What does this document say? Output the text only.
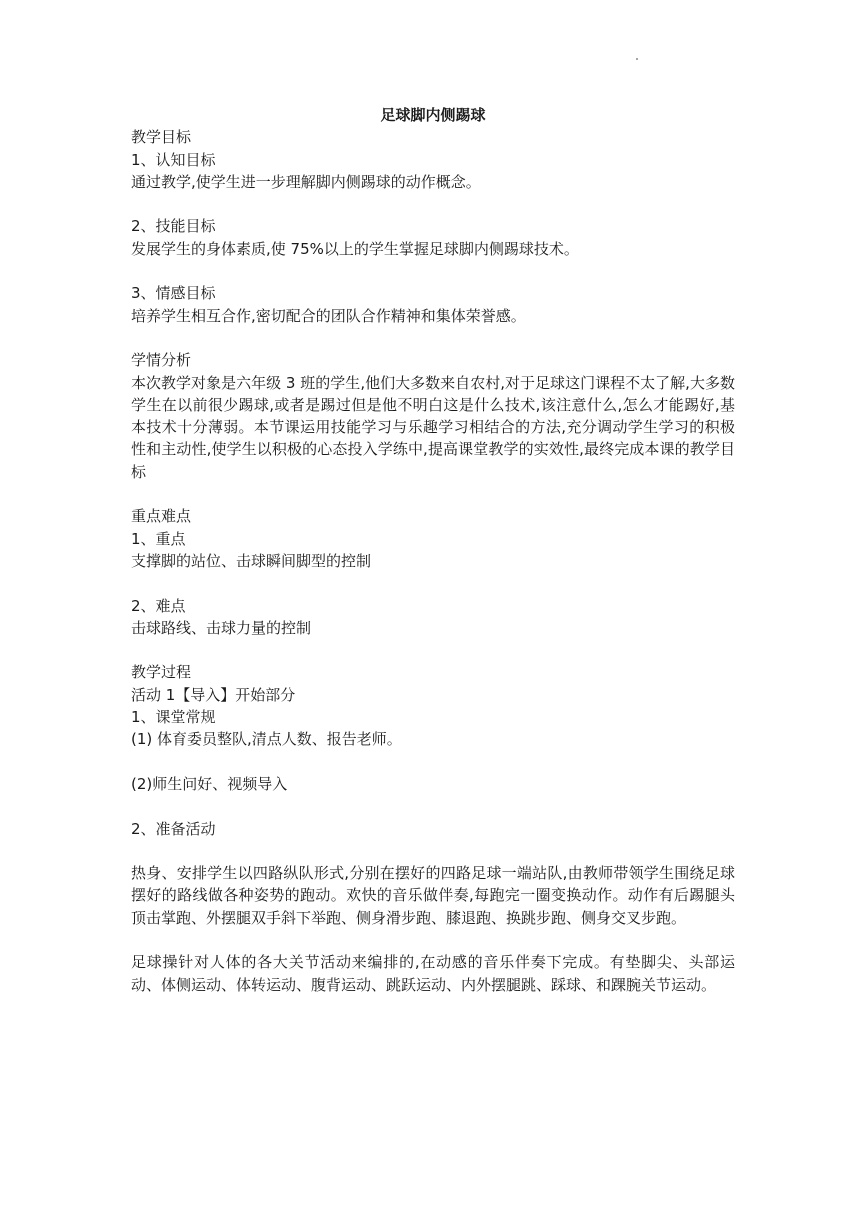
足球脚内侧踢球

教学目标

1、认知目标

通过教学,使学生进一步理解脚内侧踢球的动作概念。

2、技能目标

发展学生的身体素质,使 75%以上的学生掌握足球脚内侧踢球技术。

3、情感目标

培养学生相互合作,密切配合的团队合作精神和集体荣誉感。

学情分析

本次教学对象是六年级 3 班的学生,他们大多数来自农村,对于足球这门课程不太了解,大多数学生在以前很少踢球,或者是踢过但是他不明白这是什么技术,该注意什么,怎么才能踢好,基本技术十分薄弱。本节课运用技能学习与乐趣学习相结合的方法,充分调动学生学习的积极性和主动性,使学生以积极的心态投入学练中,提高课堂教学的实效性,最终完成本课的教学目标

重点难点

1、重点

支撑脚的站位、击球瞬间脚型的控制

2、难点

击球路线、击球力量的控制

教学过程

活动 1【导入】开始部分

1、课堂常规

(1) 体育委员整队,清点人数、报告老师。

(2)师生问好、视频导入

2、准备活动

热身、安排学生以四路纵队形式,分别在摆好的四路足球一端站队,由教师带领学生围绕足球摆好的路线做各种姿势的跑动。欢快的音乐做伴奏,每跑完一圈变换动作。动作有后踢腿头顶击掌跑、外摆腿双手斜下举跑、侧身滑步跑、膝退跑、换跳步跑、侧身交叉步跑。

足球操针对人体的各大关节活动来编排的,在动感的音乐伴奏下完成。有垫脚尖、头部运动、体侧运动、体转运动、腹背运动、跳跃运动、内外摆腿跳、踩球、和踝腕关节运动。
